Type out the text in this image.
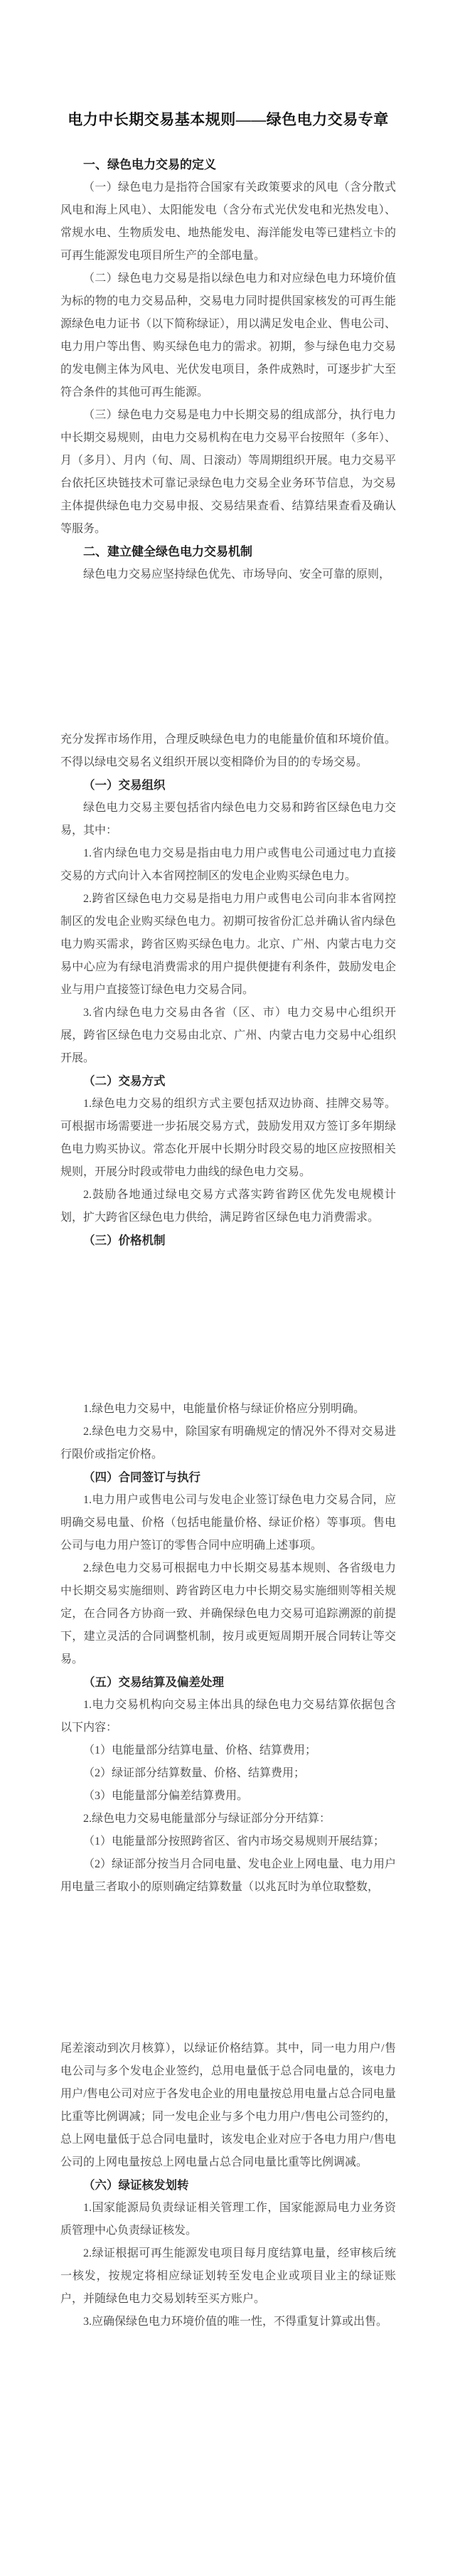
电力中长期交易基本规则——绿色电力交易专章
一、绿色电力交易的定义
（一）绿色电力是指符合国家有关政策要求的风电（含分散式风电和海上风电）、太阳能发电（含分布式光伏发电和光热发电）、常规水电、生物质发电、地热能发电、海洋能发电等已建档立卡的可再生能源发电项目所生产的全部电量。
（二）绿色电力交易是指以绿色电力和对应绿色电力环境价值为标的物的电力交易品种，交易电力同时提供国家核发的可再生能源绿色电力证书（以下简称绿证），用以满足发电企业、售电公司、电力用户等出售、购买绿色电力的需求。初期，参与绿色电力交易的发电侧主体为风电、光伏发电项目，条件成熟时，可逐步扩大至符合条件的其他可再生能源。
（三）绿色电力交易是电力中长期交易的组成部分，执行电力中长期交易规则，由电力交易机构在电力交易平台按照年（多年）、月（多月）、月内（旬、周、日滚动）等周期组织开展。电力交易平台依托区块链技术可靠记录绿色电力交易全业务环节信息，为交易主体提供绿色电力交易申报、交易结果查看、结算结果查看及确认等服务。
二、建立健全绿色电力交易机制
绿色电力交易应坚持绿色优先、市场导向、安全可靠的原则，
充分发挥市场作用，合理反映绿色电力的电能量价值和环境价值。不得以绿电交易名义组织开展以变相降价为目的的专场交易。
（一）交易组织
绿色电力交易主要包括省内绿色电力交易和跨省区绿色电力交易，其中：
1.省内绿色电力交易是指由电力用户或售电公司通过电力直接交易的方式向计入本省网控制区的发电企业购买绿色电力。
2.跨省区绿色电力交易是指电力用户或售电公司向非本省网控制区的发电企业购买绿色电力。初期可按省份汇总并确认省内绿色电力购买需求，跨省区购买绿色电力。北京、广州、内蒙古电力交易中心应为有绿电消费需求的用户提供便捷有利条件，鼓励发电企业与用户直接签订绿色电力交易合同。
3.省内绿色电力交易由各省（区、市）电力交易中心组织开展，跨省区绿色电力交易由北京、广州、内蒙古电力交易中心组织开展。
（二）交易方式
1.绿色电力交易的组织方式主要包括双边协商、挂牌交易等。可根据市场需要进一步拓展交易方式，鼓励发用双方签订多年期绿色电力购买协议。常态化开展中长期分时段交易的地区应按照相关规则，开展分时段或带电力曲线的绿色电力交易。
2.鼓励各地通过绿电交易方式落实跨省跨区优先发电规模计划，扩大跨省区绿色电力供给，满足跨省区绿色电力消费需求。
（三）价格机制
1.绿色电力交易中，电能量价格与绿证价格应分别明确。
2.绿色电力交易中，除国家有明确规定的情况外不得对交易进行限价或指定价格。
（四）合同签订与执行
1.电力用户或售电公司与发电企业签订绿色电力交易合同，应明确交易电量、价格（包括电能量价格、绿证价格）等事项。售电公司与电力用户签订的零售合同中应明确上述事项。
2.绿色电力交易可根据电力中长期交易基本规则、各省级电力中长期交易实施细则、跨省跨区电力中长期交易实施细则等相关规定，在合同各方协商一致、并确保绿色电力交易可追踪溯源的前提下，建立灵活的合同调整机制，按月或更短周期开展合同转让等交易。
（五）交易结算及偏差处理
1.电力交易机构向交易主体出具的绿色电力交易结算依据包含以下内容：
（1）电能量部分结算电量、价格、结算费用；
（2）绿证部分结算数量、价格、结算费用；
（3）电能量部分偏差结算费用。
2.绿色电力交易电能量部分与绿证部分分开结算：
（1）电能量部分按照跨省区、省内市场交易规则开展结算；
（2）绿证部分按当月合同电量、发电企业上网电量、电力用户用电量三者取小的原则确定结算数量（以兆瓦时为单位取整数，
尾差滚动到次月核算），以绿证价格结算。其中，同一电力用户/售电公司与多个发电企业签约，总用电量低于总合同电量的，该电力用户/售电公司对应于各发电企业的用电量按总用电量占总合同电量比重等比例调减；同一发电企业与多个电力用户/售电公司签约的，总上网电量低于总合同电量时，该发电企业对应于各电力用户/售电公司的上网电量按总上网电量占总合同电量比重等比例调减。
（六）绿证核发划转
1.国家能源局负责绿证相关管理工作，国家能源局电力业务资质管理中心负责绿证核发。
2.绿证根据可再生能源发电项目每月度结算电量，经审核后统一核发，按规定将相应绿证划转至发电企业或项目业主的绿证账户，并随绿色电力交易划转至买方账户。
3.应确保绿色电力环境价值的唯一性，不得重复计算或出售。
